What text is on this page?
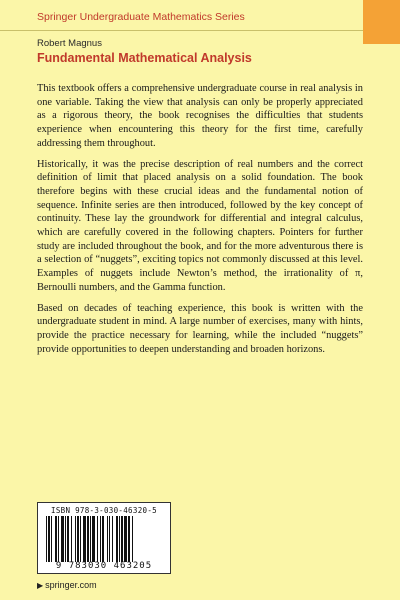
Springer Undergraduate Mathematics Series
Robert Magnus
Fundamental Mathematical Analysis

This textbook offers a comprehensive undergraduate course in real analysis in one variable. Taking the view that analysis can only be properly appreciated as a rigorous theory, the book recognises the difficulties that students experience when encountering this theory for the first time, carefully addressing them throughout.

Historically, it was the precise description of real numbers and the correct definition of limit that placed analysis on a solid foundation. The book therefore begins with these crucial ideas and the fundamental notion of sequence. Infinite series are then introduced, followed by the key concept of continuity. These lay the groundwork for differential and integral calculus, which are carefully covered in the following chapters. Pointers for further study are included throughout the book, and for the more adventurous there is a selection of “nuggets”, exciting topics not commonly discussed at this level. Examples of nuggets include Newton’s method, the irrationality of π, Bernoulli numbers, and the Gamma function.

Based on decades of teaching experience, this book is written with the undergraduate student in mind. A large number of exercises, many with hints, provide the practice necessary for learning, while the included “nuggets” provide opportunities to deepen understanding and broaden horizons.

ISBN 978-3-030-46320-5
9 783030 463205
▶ springer.com
